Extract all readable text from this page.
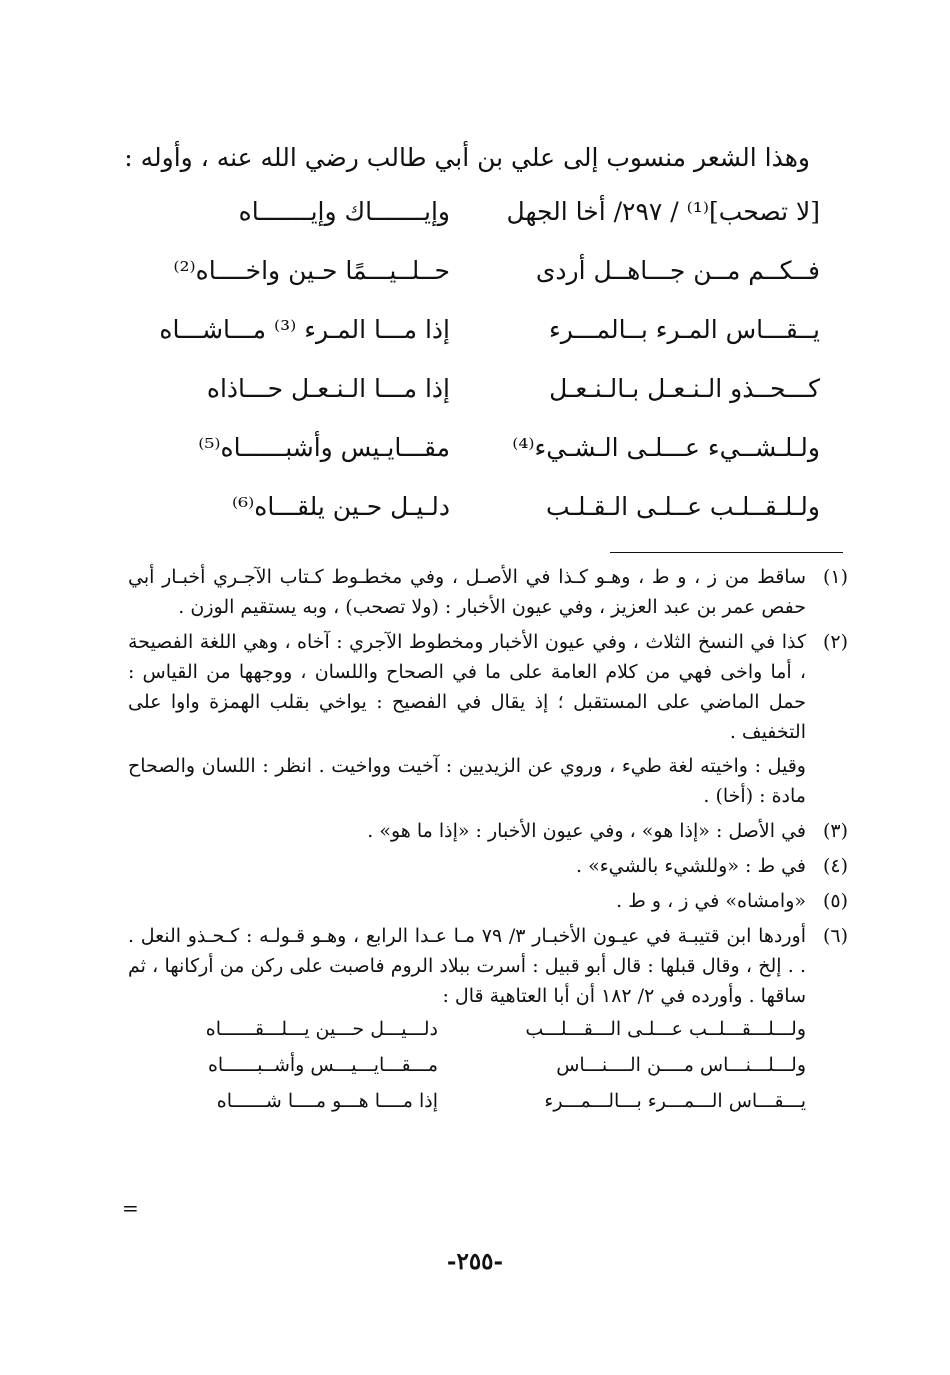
وهذا الشعر منسوب إلى علي بن أبي طالب رضي الله عنه ، وأوله :
[لا تصحب]⁽¹⁾ / ٢٩٧/ أخا الجهل
وإيـــــــاك وإيـــــــاه
فــكــم مــن جـــاهــل أردى
حــلــيـــمًا حـين واخــــاه⁽²⁾
يــقـــاس المـرء بــالمـــرء
إذا مـــا المـرء ⁽³⁾ مـــاشـــاه
كـــحــذو الـنـعـل بـالـنـعـل
إذا مـــا الـنـعـل حـــاذاه
ولـلـشــيء عـــلـى الـشـيء⁽⁴⁾
مقـــايـيس وأشبــــــاه⁽⁵⁾
ولـلـقــلـب عــلـى الـقـلـب
دلـيـل حـين يلقـــاه⁽⁶⁾
(١)

ساقط من ز ، و ط ، وهـو كـذا في الأصـل ، وفي مخطـوط كـتاب الآجـري أخبـار أبي حفص عمر بن عبد العزيز ، وفي عيون الأخبار : (ولا تصحب) ، وبه يستقيم الوزن .

(٢)

كذا في النسخ الثلاث ، وفي عيون الأخبار ومخطوط الآجري : آخاه ، وهي اللغة الفصيحة ، أما واخى فهي من كلام العامة على ما في الصحاح واللسان ، ووجهها من القياس : حمل الماضي على المستقبل ؛ إذ يقال في الفصيح : يواخي بقلب الهمزة واوا على التخفيف .

وقيل : واخيته لغة طيء ، وروي عن الزيديين : آخيت وواخيت . انظر : اللسان والصحاح مادة : (أخا) .

(٣)

في الأصل : «إذا هو» ، وفي عيون الأخبار : «إذا ما هو» .

(٤)

في ط : «وللشيء بالشيء» .

(٥)

«وامشاه» في ز ، و ط .

(٦)

أوردها ابن قتيبـة في عيـون الأخبـار ٣/ ٧٩ مـا عـدا الرابع ، وهـو قـولـه : كـحـذو النعل . . . إلخ ، وقال قبلها : قال أبو قبيل : أسرت ببلاد الروم فاصبت على ركن من أركانها ، ثم ساقها . وأورده في ٢/ ١٨٢ أن أبا العتاهية قال :

ولـــلـــقـــلــب عـــلـى الـــقـــلـــب
دلـــيـــل حـــين يـــلـــقــــــاه
ولـــلـــنـــاس مــــن الــــنـــاس
مـــقـــايـــيـــس وأشــبــــــاه
يـــقـــاس الـــمـــرء بـــالـــمـــرء
إذا مــــا هـــو مــــا شــــــاه
=
-٢٥٥-
